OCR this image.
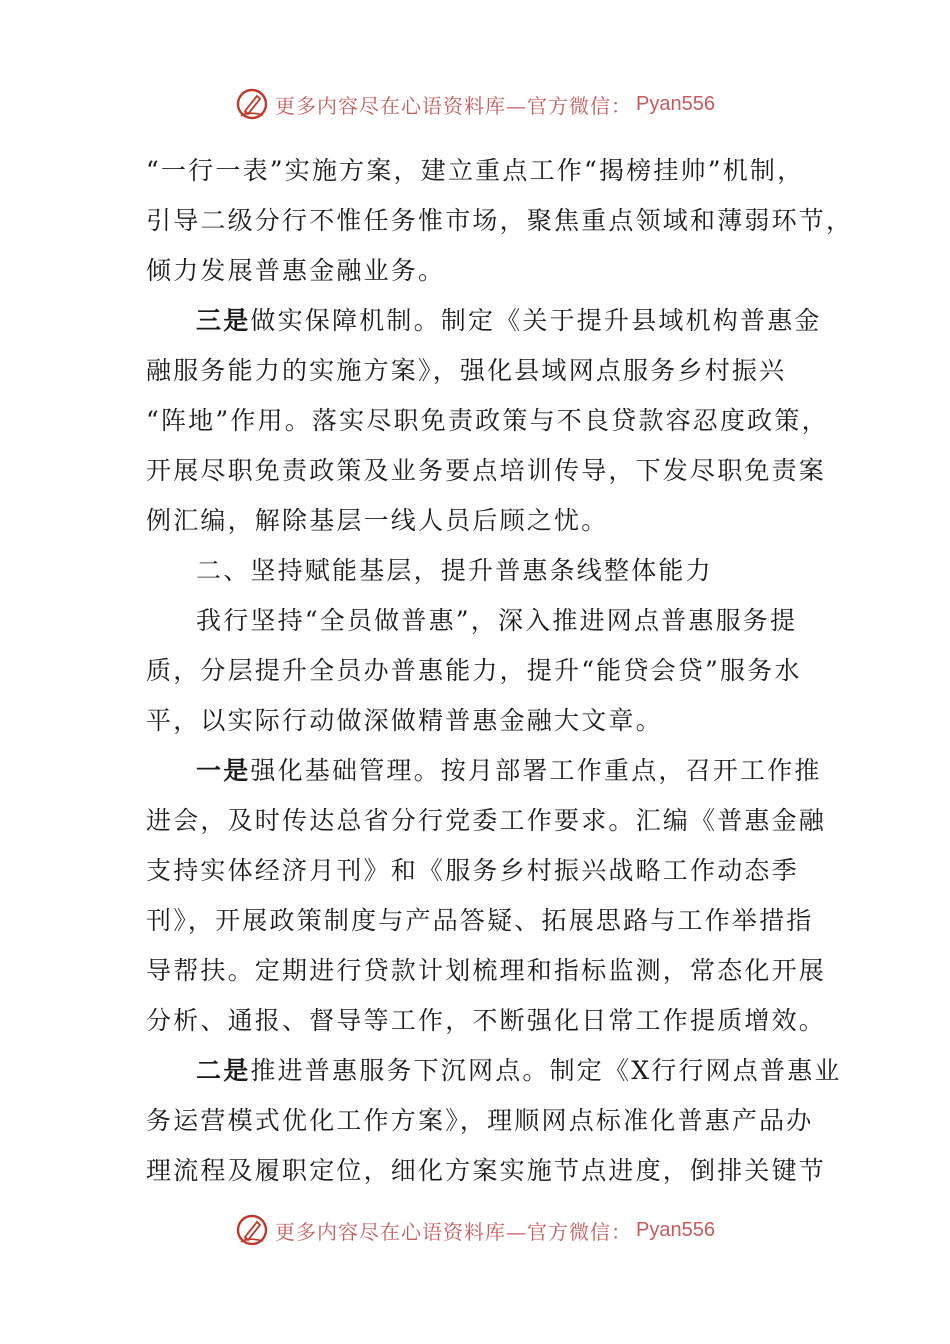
更多内容尽在心语资料库—官方微信： Pyan556
“一行一表”实施方案，建立重点工作“揭榜挂帅”机制，
引导二级分行不惟任务惟市场，聚焦重点领域和薄弱环节，
倾力发展普惠金融业务。
三是做实保障机制。制定《关于提升县域机构普惠金
融服务能力的实施方案》，强化县域网点服务乡村振兴
“阵地”作用。落实尽职免责政策与不良贷款容忍度政策，
开展尽职免责政策及业务要点培训传导，下发尽职免责案
例汇编，解除基层一线人员后顾之忧。
二、坚持赋能基层，提升普惠条线整体能力
我行坚持“全员做普惠”，深入推进网点普惠服务提
质，分层提升全员办普惠能力，提升“能贷会贷”服务水
平，以实际行动做深做精普惠金融大文章。
一是强化基础管理。按月部署工作重点，召开工作推
进会，及时传达总省分行党委工作要求。汇编《普惠金融
支持实体经济月刊》和《服务乡村振兴战略工作动态季
刊》，开展政策制度与产品答疑、拓展思路与工作举措指
导帮扶。定期进行贷款计划梳理和指标监测，常态化开展
分析、通报、督导等工作，不断强化日常工作提质增效。
二是推进普惠服务下沉网点。制定《X行行网点普惠业
务运营模式优化工作方案》，理顺网点标准化普惠产品办
理流程及履职定位，细化方案实施节点进度，倒排关键节
更多内容尽在心语资料库—官方微信： Pyan556
